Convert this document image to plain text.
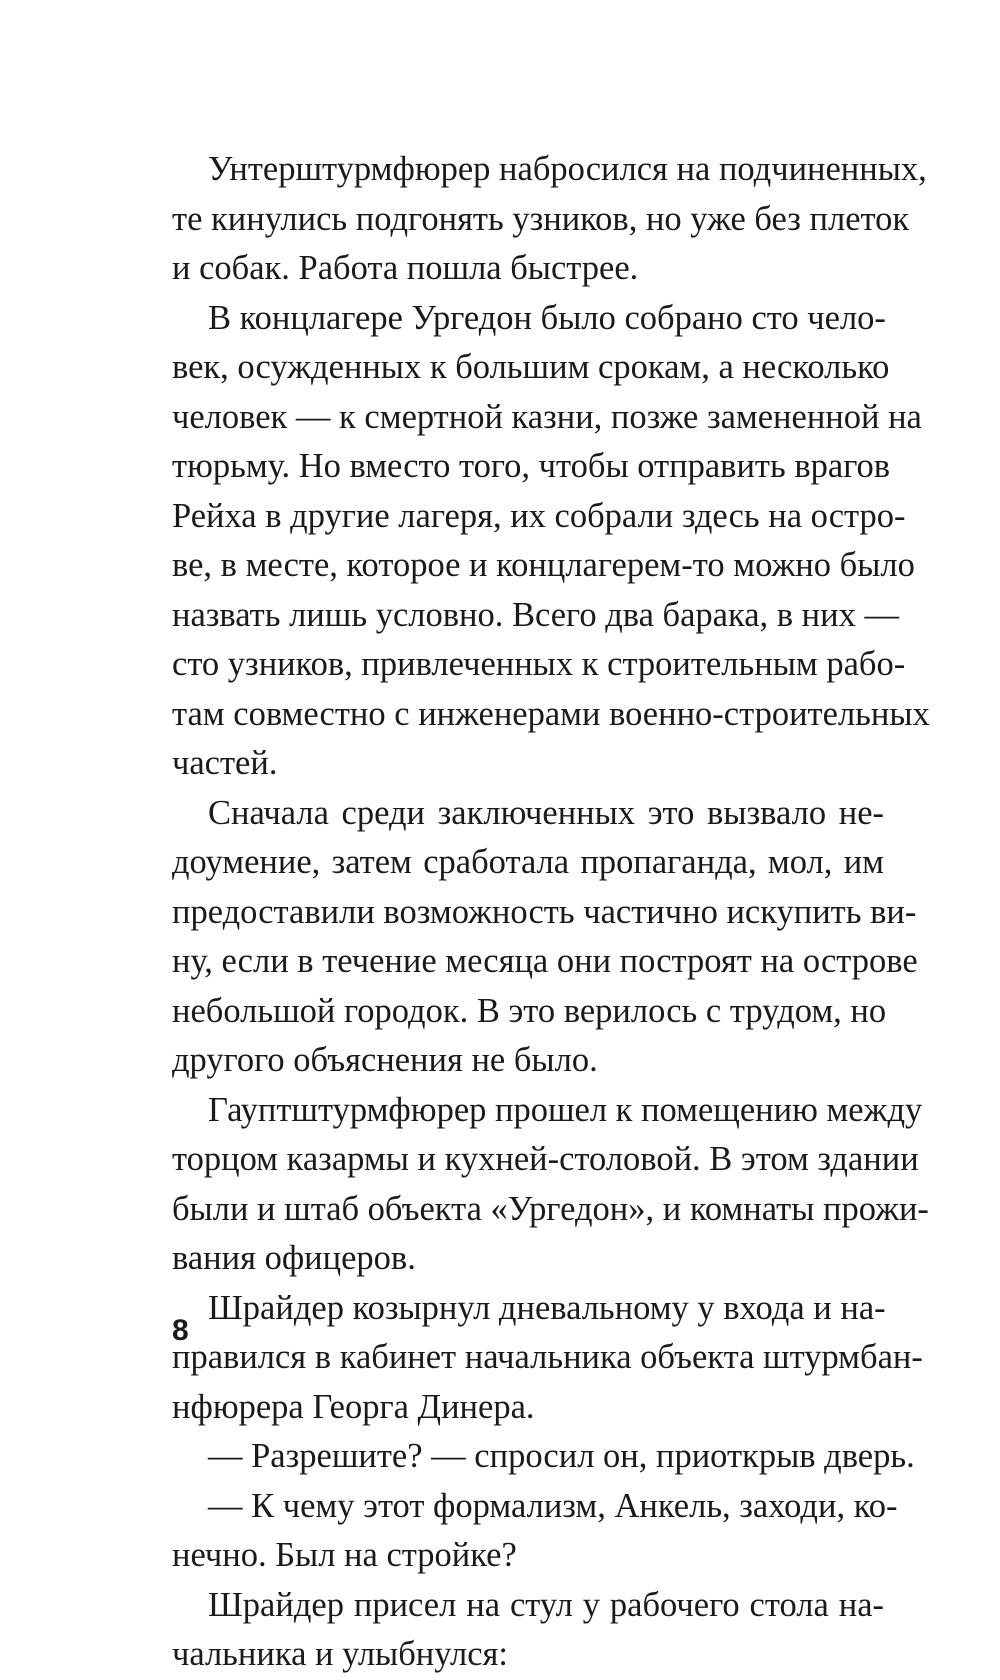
Унтерштурмфюрер набросился на подчиненных,
те кинулись подгонять узников, но уже без плеток
и собак. Работа пошла быстрее.
В концлагере Ургедон было собрано сто чело-
век, осужденных к большим срокам, а несколько
человек — к смертной казни, позже замененной на
тюрьму. Но вместо того, чтобы отправить врагов
Рейха в другие лагеря, их собрали здесь на остро-
ве, в месте, которое и концлагерем-то можно было
назвать лишь условно. Всего два барака, в них —
сто узников, привлеченных к строительным рабо-
там совместно с инженерами военно-строительных
частей.
Сначала среди заключенных это вызвало не-
доумение, затем сработала пропаганда, мол, им
предоставили возможность частично искупить ви-
ну, если в течение месяца они построят на острове
небольшой городок. В это верилось с трудом, но
другого объяснения не было.
Гауптштурмфюрер прошел к помещению между
торцом казармы и кухней-столовой. В этом здании
были и штаб объекта «Ургедон», и комнаты прожи-
вания офицеров.
Шрайдер козырнул дневальному у входа и на-
правился в кабинет начальника объекта штурмбан-
нфюрера Георга Динера.
— Разрешите? — спросил он, приоткрыв дверь.
— К чему этот формализм, Анкель, заходи, ко-
нечно. Был на стройке?
Шрайдер присел на стул у рабочего стола на-
чальника и улыбнулся:
8
